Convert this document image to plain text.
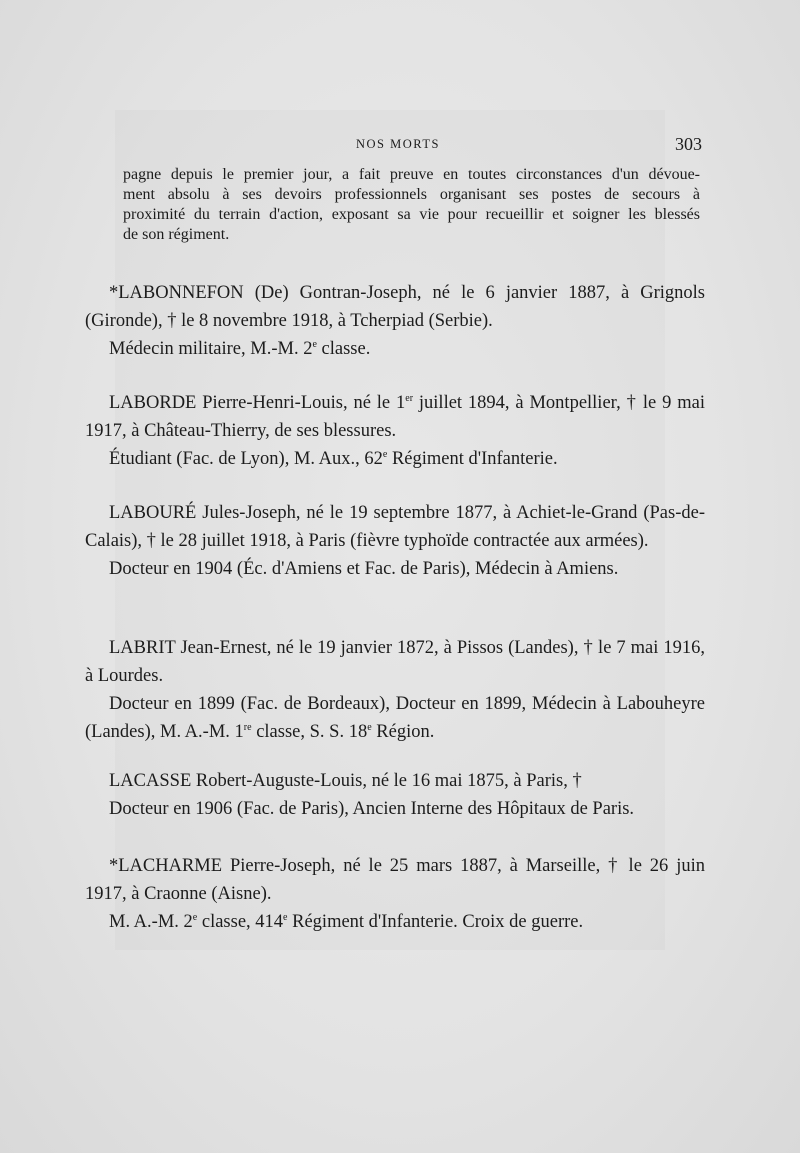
NOS MORTS	303
pagne depuis le premier jour, a fait preuve en toutes circonstances d'un dévoue-
ment absolu à ses devoirs professionnels organisant ses postes de secours à
proximité du terrain d'action, exposant sa vie pour recueillir et soigner les blessés
de son régiment.

*LABONNEFON (De) Gontran-Joseph, né le 6 janvier 1887, à Grignols (Gironde), † le 8 novembre 1918, à Tcherpiad (Serbie).

Médecin militaire, M.-M. 2e classe.

LABORDE Pierre-Henri-Louis, né le 1er juillet 1894, à Montpellier, † le 9 mai 1917, à Château-Thierry, de ses blessures.

Étudiant (Fac. de Lyon), M. Aux., 62e Régiment d'Infanterie.

LABOURÉ Jules-Joseph, né le 19 septembre 1877, à Achiet-le-Grand (Pas-de-Calais), † le 28 juillet 1918, à Paris (fièvre typhoïde contractée aux armées).

Docteur en 1904 (Éc. d'Amiens et Fac. de Paris), Médecin à Amiens.

LABRIT Jean-Ernest, né le 19 janvier 1872, à Pissos (Landes), † le 7 mai 1916, à Lourdes.

Docteur en 1899 (Fac. de Bordeaux), Docteur en 1899, Médecin à Labouheyre (Landes), M. A.-M. 1re classe, S. S. 18e Région.

LACASSE Robert-Auguste-Louis, né le 16 mai 1875, à Paris, †

Docteur en 1906 (Fac. de Paris), Ancien Interne des Hôpitaux de Paris.

*LACHARME Pierre-Joseph, né le 25 mars 1887, à Marseille, † le 26 juin 1917, à Craonne (Aisne).

M. A.-M. 2e classe, 414e Régiment d'Infanterie. Croix de guerre.
